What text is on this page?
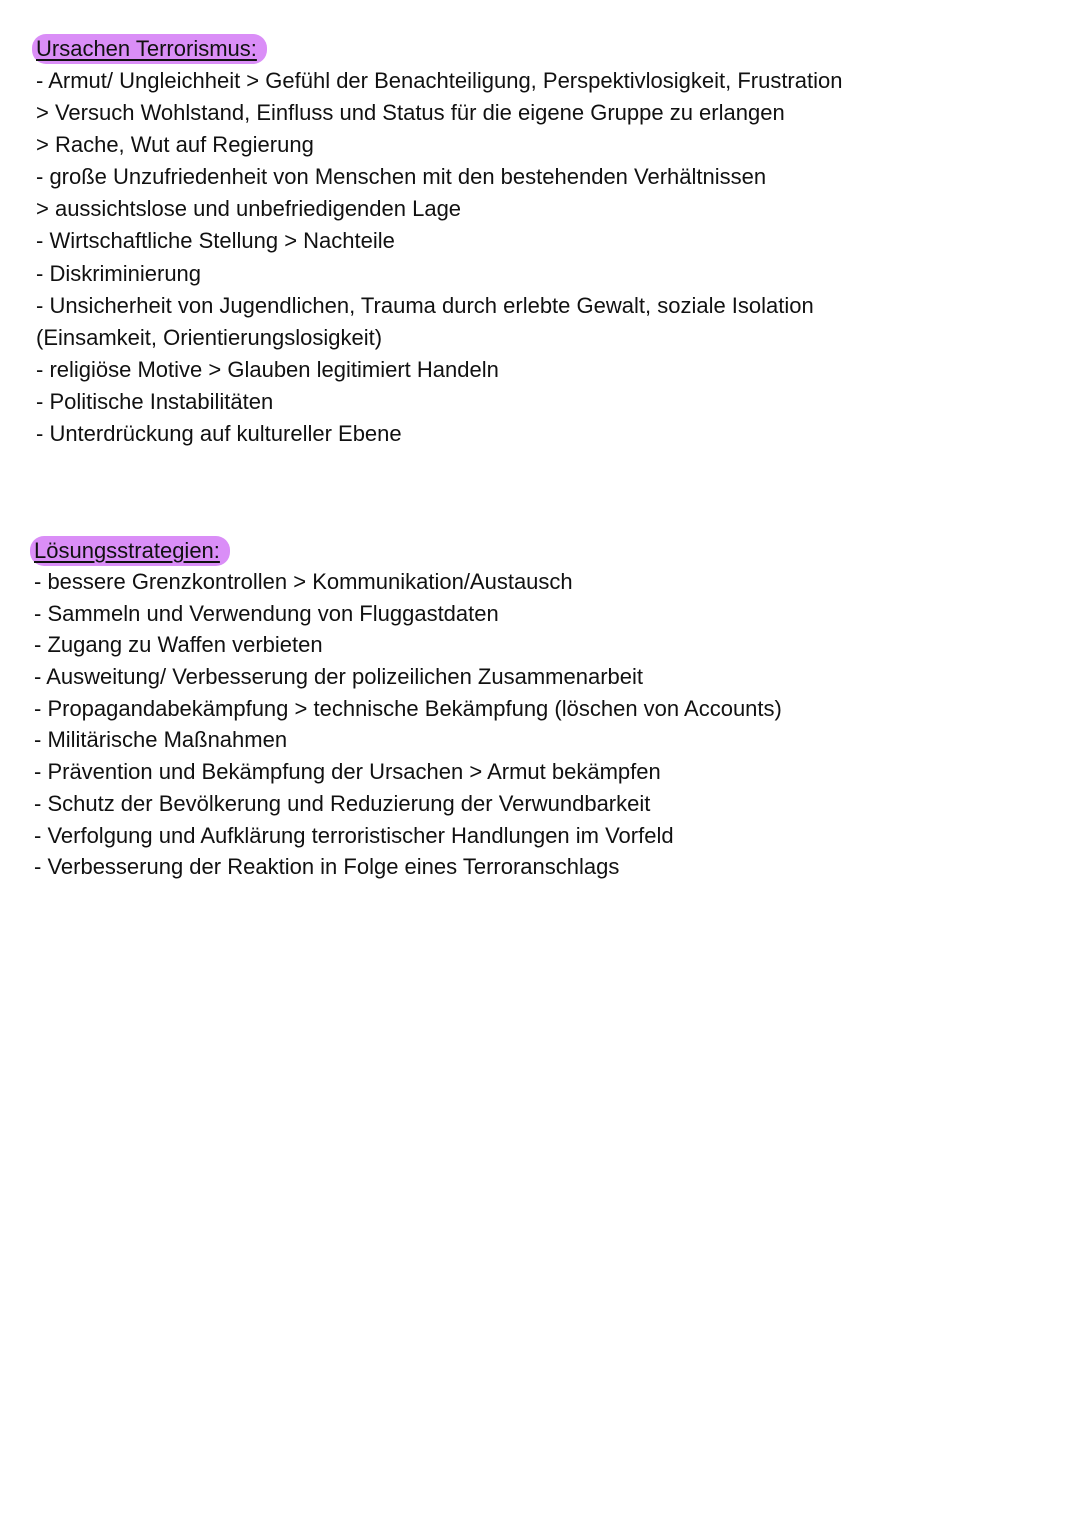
Ursachen Terrorismus:
- Armut/ Ungleichheit > Gefühl der Benachteiligung, Perspektivlosigkeit, Frustration
> Versuch Wohlstand, Einfluss und Status für die eigene Gruppe zu erlangen
> Rache, Wut auf Regierung
- große Unzufriedenheit von Menschen mit den bestehenden Verhältnissen
> aussichtslose und unbefriedigenden Lage
- Wirtschaftliche Stellung > Nachteile
- Diskriminierung
- Unsicherheit von Jugendlichen, Trauma durch erlebte Gewalt, soziale Isolation
(Einsamkeit, Orientierungslosigkeit)
- religiöse Motive > Glauben legitimiert Handeln
- Politische Instabilitäten
- Unterdrückung auf kultureller Ebene
Lösungsstrategien:
- bessere Grenzkontrollen > Kommunikation/Austausch
- Sammeln und Verwendung von Fluggastdaten
- Zugang zu Waffen verbieten
- Ausweitung/ Verbesserung der polizeilichen Zusammenarbeit
- Propagandabekämpfung > technische Bekämpfung (löschen von Accounts)
- Militärische Maßnahmen
- Prävention und Bekämpfung der Ursachen > Armut bekämpfen
- Schutz der Bevölkerung und Reduzierung der Verwundbarkeit
- Verfolgung und Aufklärung terroristischer Handlungen im Vorfeld
- Verbesserung der Reaktion in Folge eines Terroranschlags
